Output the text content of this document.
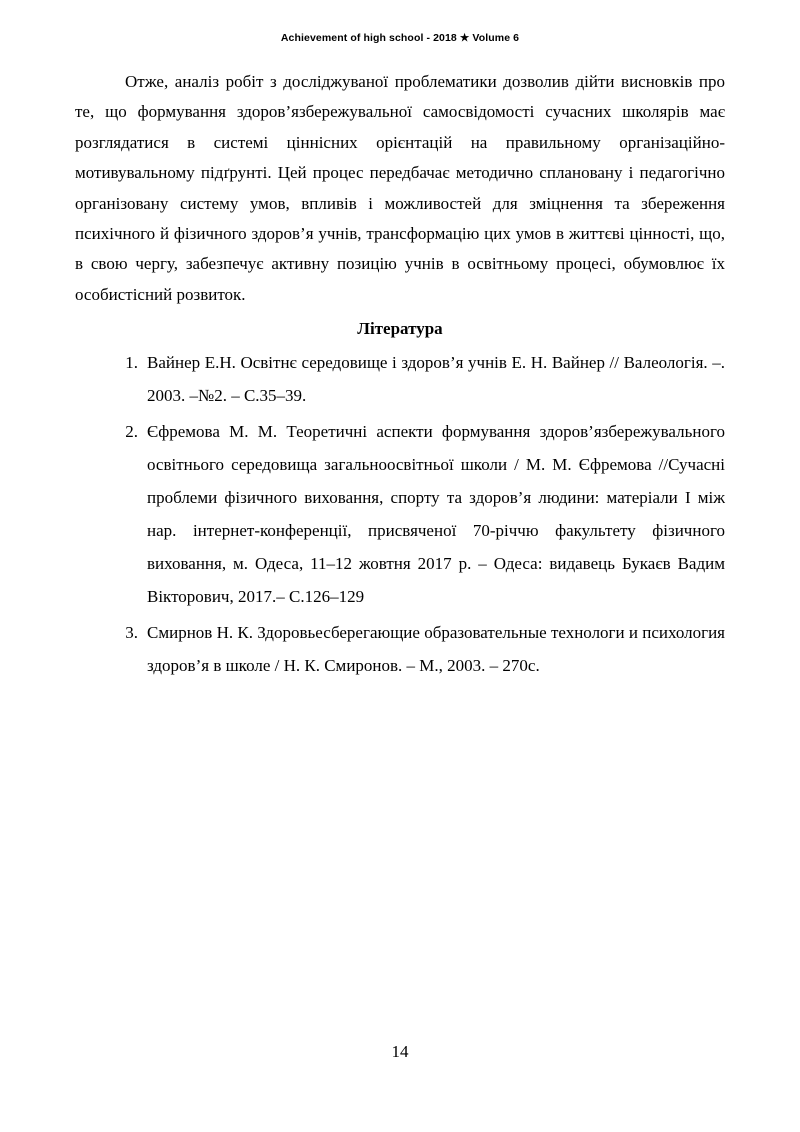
Achievement of high school - 2018 ★ Volume 6

Отже, аналіз робіт з досліджуваної проблематики дозволив дійти висновків про те, що формування здоров’язбережувальної самосвідомості сучасних школярів має розглядатися в системі ціннісних орієнтацій на правильному організаційно-мотивувальному підґрунті. Цей процес передбачає методично сплановану і педагогічно організовану систему умов, впливів і можливостей для зміцнення та збереження психічного й фізичного здоров’я учнів, трансформацію цих умов в життєві цінності, що, в свою чергу, забезпечує активну позицію учнів в освітньому процесі, обумовлює їх особистісний розвиток.

Література
1. Вайнер Е.Н. Освітнє середовище і здоров’я учнів Е. Н. Вайнер // Валеологія. –. 2003. –№2. – С.35–39.
2. Єфремова М. М. Теоретичні аспекти формування здоров’язбережувального освітнього середовища загальноосвітньої школи / М. М. Єфремова //Сучасні проблеми фізичного виховання, спорту та здоров’я людини: матеріали I між нар. інтернет-конференції, присвяченої 70-річчю факультету фізичного виховання, м. Одеса, 11–12 жовтня 2017 р. – Одеса: видавець Букаєв Вадим Вікторович, 2017.– С.126–129
3. Смирнов Н. К. Здоровьесберегающие образовательные технологи и психология здоров’я в школе / Н. К. Смиронов. – М., 2003. – 270с.
14
